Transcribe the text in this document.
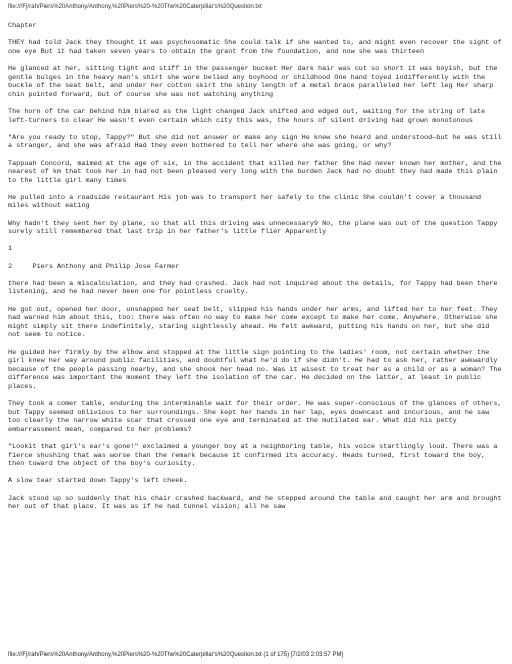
file:///F|/rah/Piers%20Anthony/Anthony,%20Piers%20-%20The%20Caterpillar's%20Question.txt

Chapter

THEY had told Jack they thought it was psychosomatic She could talk if she wanted to, and might even recover the sight of one eye But it had taken seven years to obtain the grant from the foundation, and now she was thirteen

He glanced at her, sitting tight and stiff in the passenger bucket Her dark hair was cut so short it was boyish, but the gentle bulges in the heavy man's shirt she wore belied any boyhood or childhood One hand toyed indifferently with the buckle of the seat belt, and under her cotton skirt the shiny length of a metal brace paralleled her left leg Her sharp chin pointed forward, but of course she was not watching anything

The horn of the car behind him blared as the light changed Jack shifted and edged out, waiting for the string of late left-turners to clear He wasn't even certain which city this was, the hours of silent driving had grown monotonous

"Are you ready to stop, Tappy?" But she did not answer or make any sign He knew she heard and understood—but he was still a stranger, and she was afraid Had they even bothered to tell her where she was going, or why?

Tappuah Concord, maimed at the age of six, in the accident that killed her father She had never known her mother, and the nearest of km that took her in had not been pleased very long with the burden Jack had no doubt they had made this plain to the little girl many times

He pulled into a roadside restaurant His job was to transport her safely to the clinic She couldn't cover a thousand miles without eating

Why hadn't they sent her by plane, so that all this driving was unnecessary9 No, the plane was out of the question Tappy surely still remembered that last trip in her father's little flier Apparently

1

2	Piers Anthony and Philip Jose Farmer

there had been a miscalculation, and they had crashed. Jack had not inquired about the details, for Tappy had been there listening, and he had never been one for pointless cruelty.

He got out, opened her door, unsnapped her seat belt, slipped his hands under her arms, and lifted her to her feet. They had warned him about this, too: there was often no way to make her come except to make her come. Anywhere. Otherwise she might simply sit there indefinitely, staring sightlessly ahead. He felt awkward, putting his hands on her, but she did not seem to notice.

He guided her firmly by the elbow and stopped at the little sign pointing to the ladies' room, not certain whether the girl knew her way around public facilities, and doubtful what he'd do if she didn't. He had to ask her, rather awkwardly because of the people passing nearby, and she shook her head no. Was it wisest to treat her as a child or as a woman? The difference was important the moment they left the isolation of the car. He decided on the latter, at least in public places.

They took a comer table, enduring the interminable wait for their order. He was super-conscious of the glances of others, but Tappy seemed oblivious to her surroundings. She kept her hands in her lap, eyes downcast and incurious, and he saw too clearly the narrow white scar that crossed one eye and terminated at the mutilated ear. What did his petty embarrassment mean, compared to her problems?

"Lookit that girl's ear's gone!" exclaimed a younger boy at a neighboring table, his voice startlingly loud. There was a fierce shushing that was worse than the remark because it confirmed its accuracy. Heads turned, first toward the boy, then toward the object of the boy's curiosity.

A slow tear started down Tappy's left cheek.

Jack stood up so suddenly that his chair crashed backward, and he stepped around the table and caught her arm and brought her out of that place. It was as if he had tunnel vision; all he saw

file:///F|/rah/Piers%20Anthony/Anthony,%20Piers%20-%20The%20Caterpillar's%20Question.txt (1 of 175) [7/2/03 2:03:57 PM]
